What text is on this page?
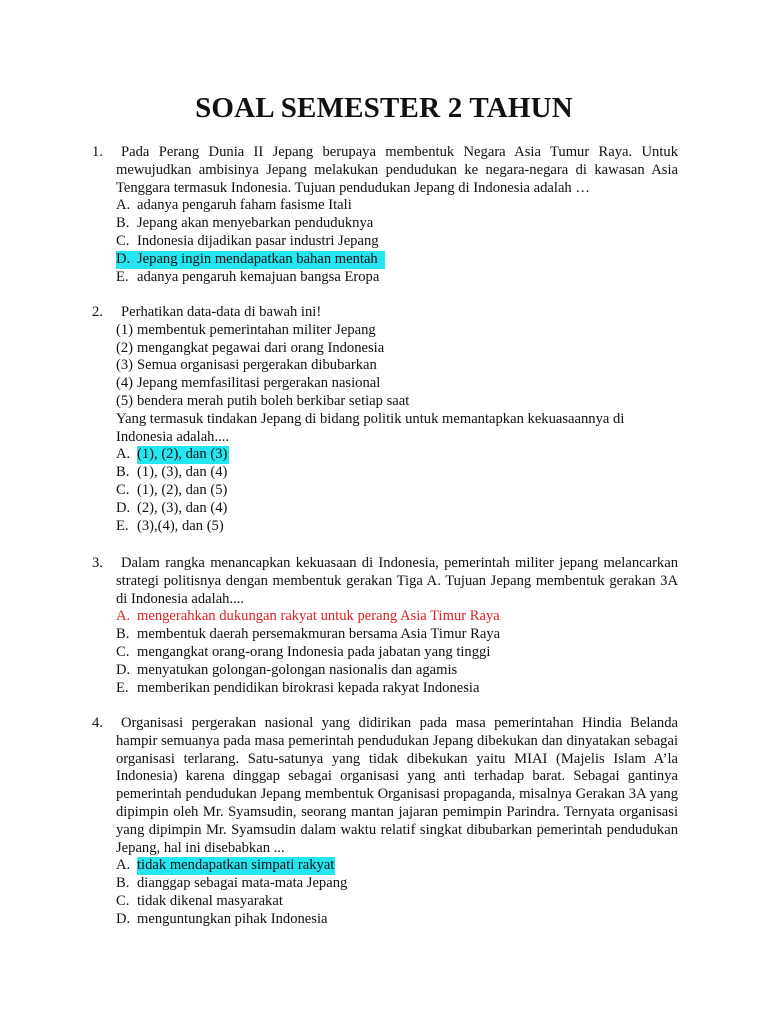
SOAL SEMESTER 2 TAHUN
1.	Pada Perang Dunia II Jepang berupaya membentuk Negara Asia Tumur Raya. Untuk mewujudkan ambisinya Jepang melakukan pendudukan ke negara-negara di kawasan Asia Tenggara termasuk Indonesia. Tujuan pendudukan Jepang di Indonesia adalah …
A. adanya pengaruh faham fasisme Itali
B. Jepang akan menyebarkan penduduknya
C. Indonesia dijadikan pasar industri Jepang
D. Jepang ingin mendapatkan bahan mentah
E. adanya pengaruh kemajuan bangsa Eropa
2.	Perhatikan data-data di bawah ini!
(1) membentuk pemerintahan militer Jepang
(2) mengangkat pegawai dari orang Indonesia
(3) Semua organisasi pergerakan dibubarkan
(4) Jepang memfasilitasi pergerakan nasional
(5) bendera merah putih boleh berkibar setiap saat
Yang termasuk tindakan Jepang di bidang politik untuk memantapkan kekuasaannya di Indonesia adalah....
A. (1), (2), dan (3)
B. (1), (3), dan (4)
C. (1), (2), dan (5)
D. (2), (3), dan (4)
E. (3),(4), dan (5)
3.	Dalam rangka menancapkan kekuasaan di Indonesia, pemerintah militer jepang melancarkan strategi politisnya dengan membentuk gerakan Tiga A. Tujuan Jepang membentuk gerakan 3A di Indonesia adalah....
A. mengerahkan dukungan rakyat untuk perang Asia Timur Raya
B. membentuk daerah persemakmuran bersama Asia Timur Raya
C. mengangkat orang-orang Indonesia pada jabatan yang tinggi
D. menyatukan golongan-golongan nasionalis dan agamis
E. memberikan pendidikan birokrasi kepada rakyat Indonesia
4.	Organisasi pergerakan nasional yang didirikan pada masa pemerintahan Hindia Belanda hampir semuanya pada masa pemerintah pendudukan Jepang dibekukan dan dinyatakan sebagai organisasi terlarang. Satu-satunya yang tidak dibekukan yaitu MIAI (Majelis Islam A’la Indonesia) karena dinggap sebagai organisasi yang anti terhadap barat. Sebagai gantinya pemerintah pendudukan Jepang membentuk Organisasi propaganda, misalnya Gerakan 3A yang dipimpin oleh Mr. Syamsudin, seorang mantan jajaran pemimpin Parindra. Ternyata organisasi yang dipimpin Mr. Syamsudin dalam waktu relatif singkat dibubarkan pemerintah pendudukan Jepang, hal ini disebabkan ...
A. tidak mendapatkan simpati rakyat
B. dianggap sebagai mata-mata Jepang
C. tidak dikenal masyarakat
D. menguntungkan pihak Indonesia
